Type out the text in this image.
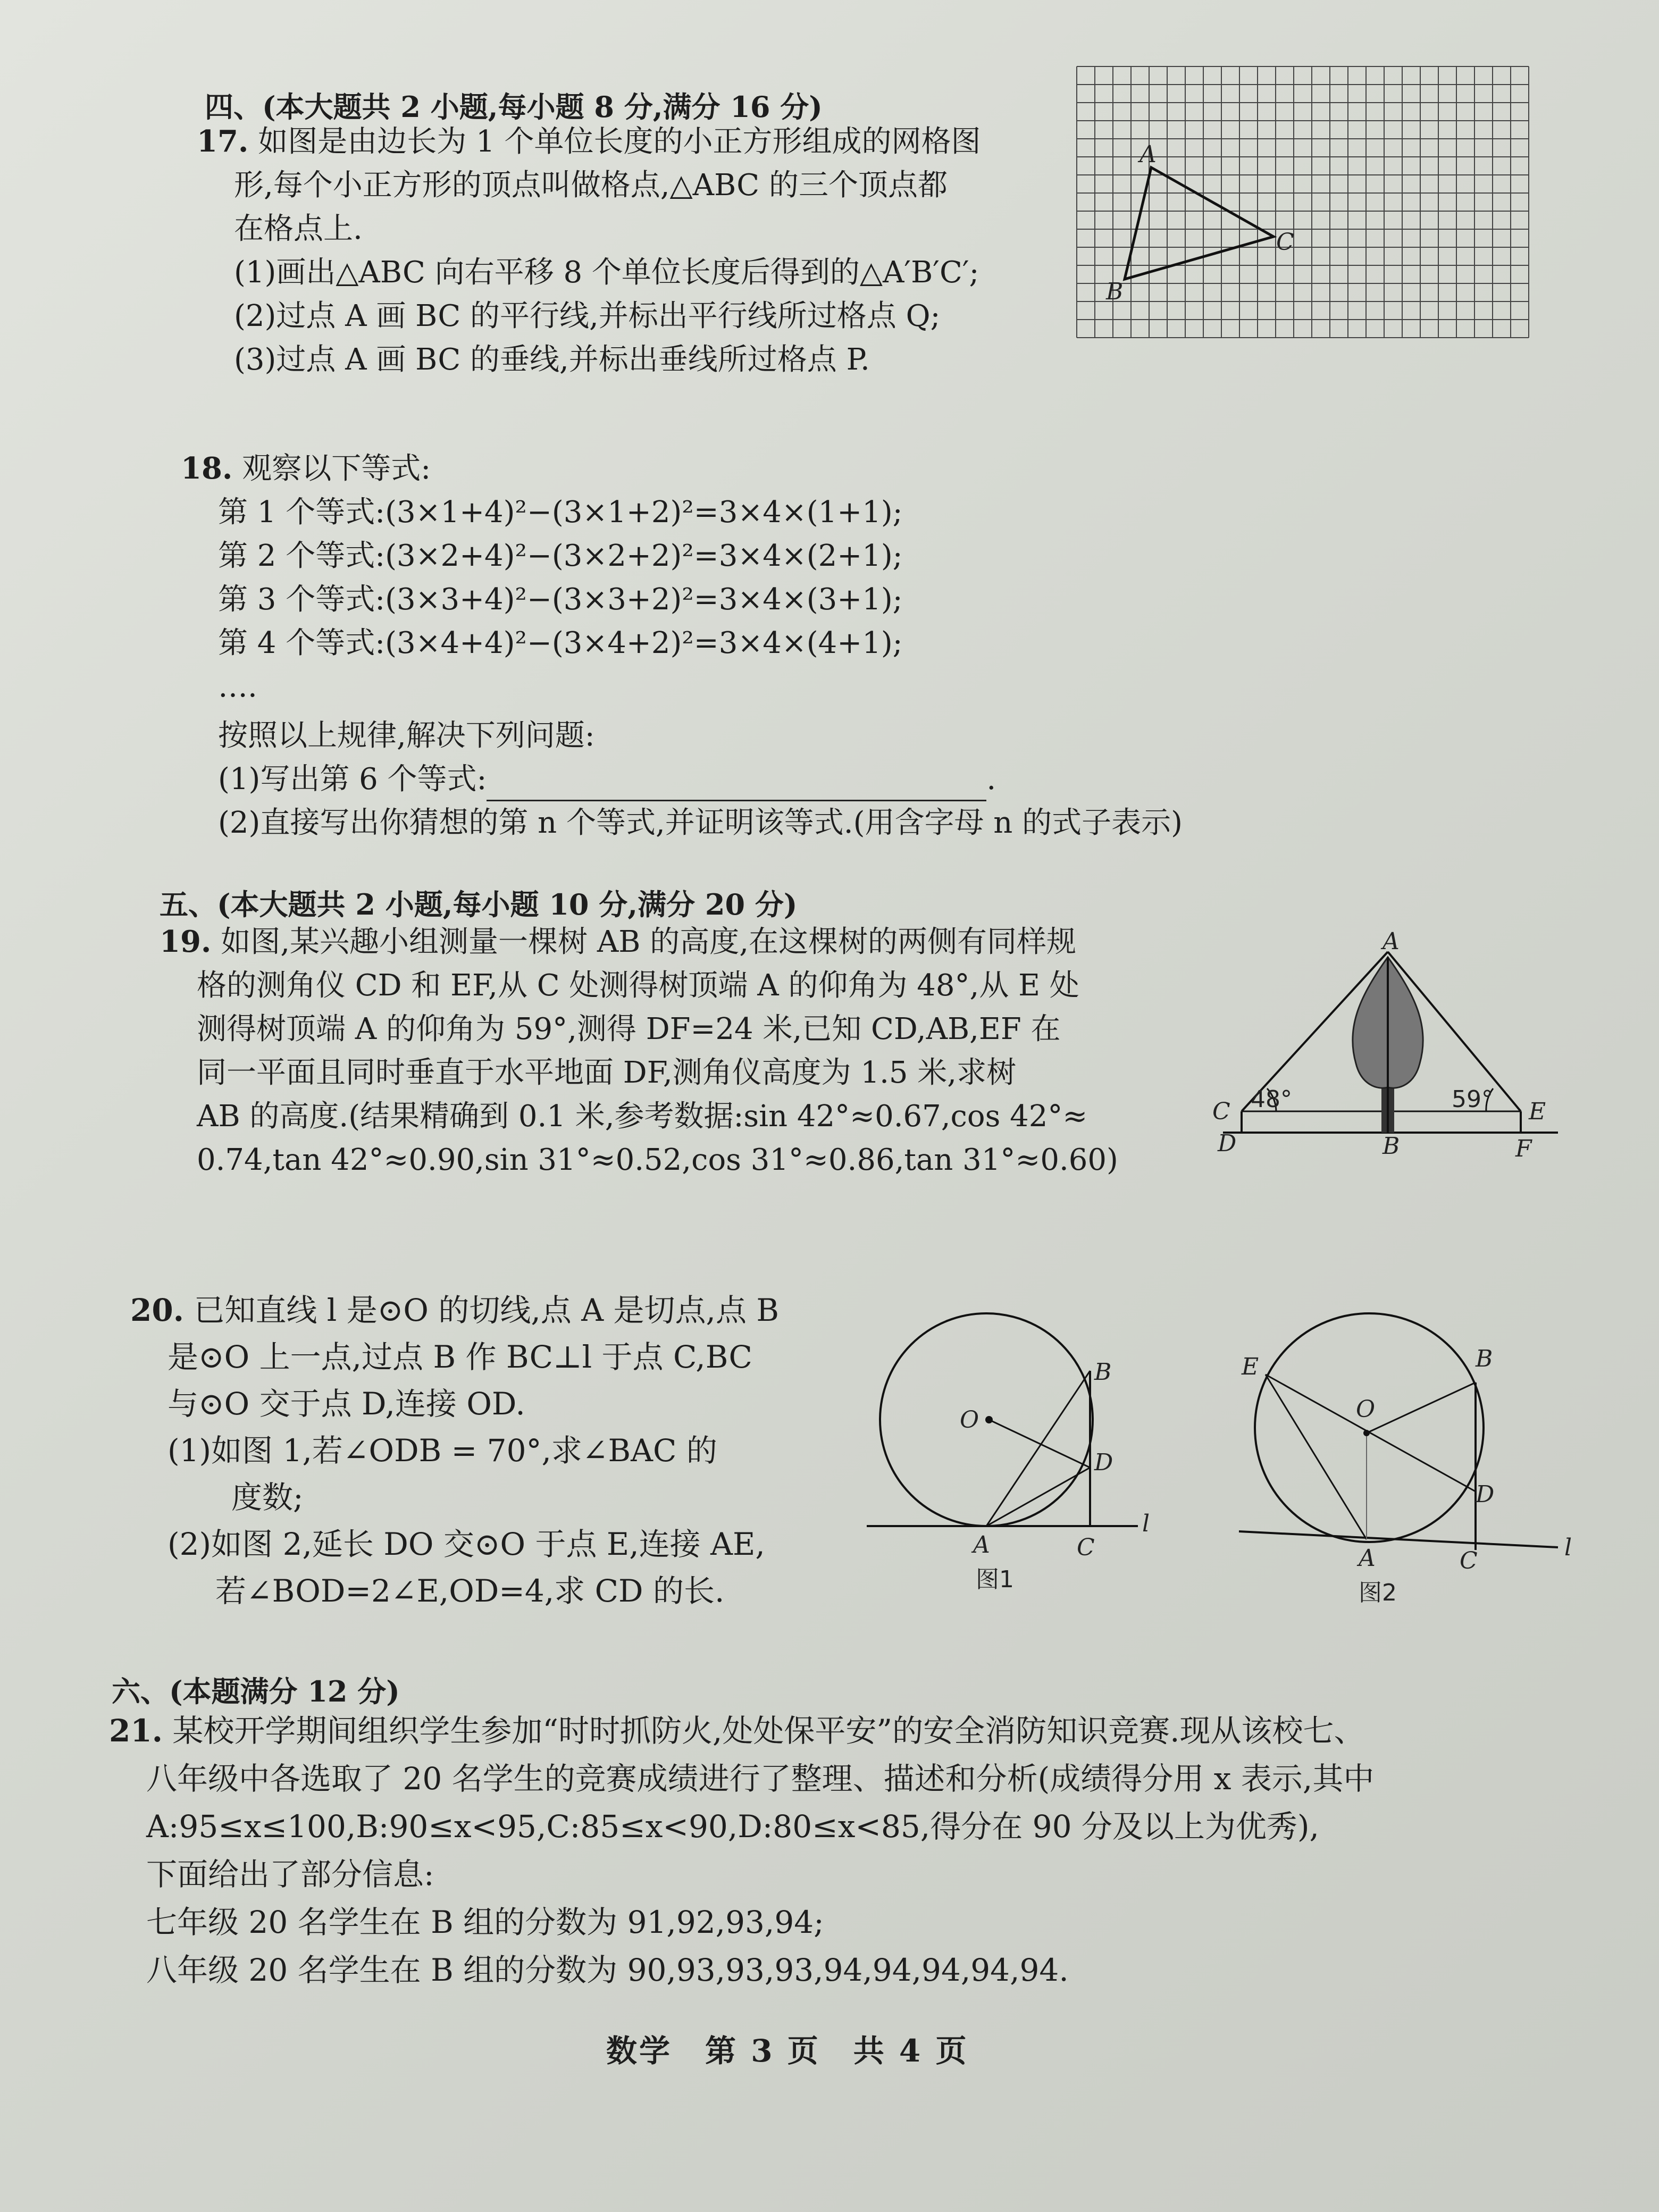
四、(本大题共 2 小题,每小题 8 分,满分 16 分)
17. 如图是由边长为 1 个单位长度的小正方形组成的网格图
形,每个小正方形的顶点叫做格点,△ABC 的三个顶点都
在格点上.
(1)画出△ABC 向右平移 8 个单位长度后得到的△A′B′C′;
(2)过点 A 画 BC 的平行线,并标出平行线所过格点 Q;
(3)过点 A 画 BC 的垂线,并标出垂线所过格点 P.
A
B
C
18. 观察以下等式:
第 1 个等式:(3×1+4)²−(3×1+2)²=3×4×(1+1);
第 2 个等式:(3×2+4)²−(3×2+2)²=3×4×(2+1);
第 3 个等式:(3×3+4)²−(3×3+2)²=3×4×(3+1);
第 4 个等式:(3×4+4)²−(3×4+2)²=3×4×(4+1);
….
按照以上规律,解决下列问题:
(1)写出第 6 个等式:	.
(2)直接写出你猜想的第 n 个等式,并证明该等式.(用含字母 n 的式子表示)
五、(本大题共 2 小题,每小题 10 分,满分 20 分)
19. 如图,某兴趣小组测量一棵树 AB 的高度,在这棵树的两侧有同样规
格的测角仪 CD 和 EF,从 C 处测得树顶端 A 的仰角为 48°,从 E 处
测得树顶端 A 的仰角为 59°,测得 DF=24 米,已知 CD,AB,EF 在
同一平面且同时垂直于水平地面 DF,测角仪高度为 1.5 米,求树
AB 的高度.(结果精确到 0.1 米,参考数据:sin 42°≈0.67,cos 42°≈
0.74,tan 42°≈0.90,sin 31°≈0.52,cos 31°≈0.86,tan 31°≈0.60)
A
B
C
D
E
F
48°	59°
20. 已知直线 l 是⊙O 的切线,点 A 是切点,点 B
是⊙O 上一点,过点 B 作 BC⊥l 于点 C,BC
与⊙O 交于点 D,连接 OD.
(1)如图 1,若∠ODB = 70°,求∠BAC 的
度数;
(2)如图 2,延长 DO 交⊙O 于点 E,连接 AE,
若∠BOD=2∠E,OD=4,求 CD 的长.
O
A
B
C
D
l
图1
O
E	B
D
A	C	l
图2
六、(本题满分 12 分)
21. 某校开学期间组织学生参加“时时抓防火,处处保平安”的安全消防知识竞赛.现从该校七、
八年级中各选取了 20 名学生的竞赛成绩进行了整理、描述和分析(成绩得分用 x 表示,其中
A:95≤x≤100,B:90≤x<95,C:85≤x<90,D:80≤x<85,得分在 90 分及以上为优秀),
下面给出了部分信息:
七年级 20 名学生在 B 组的分数为 91,92,93,94;
八年级 20 名学生在 B 组的分数为 90,93,93,93,94,94,94,94,94.
数学　第 3 页　共 4 页
